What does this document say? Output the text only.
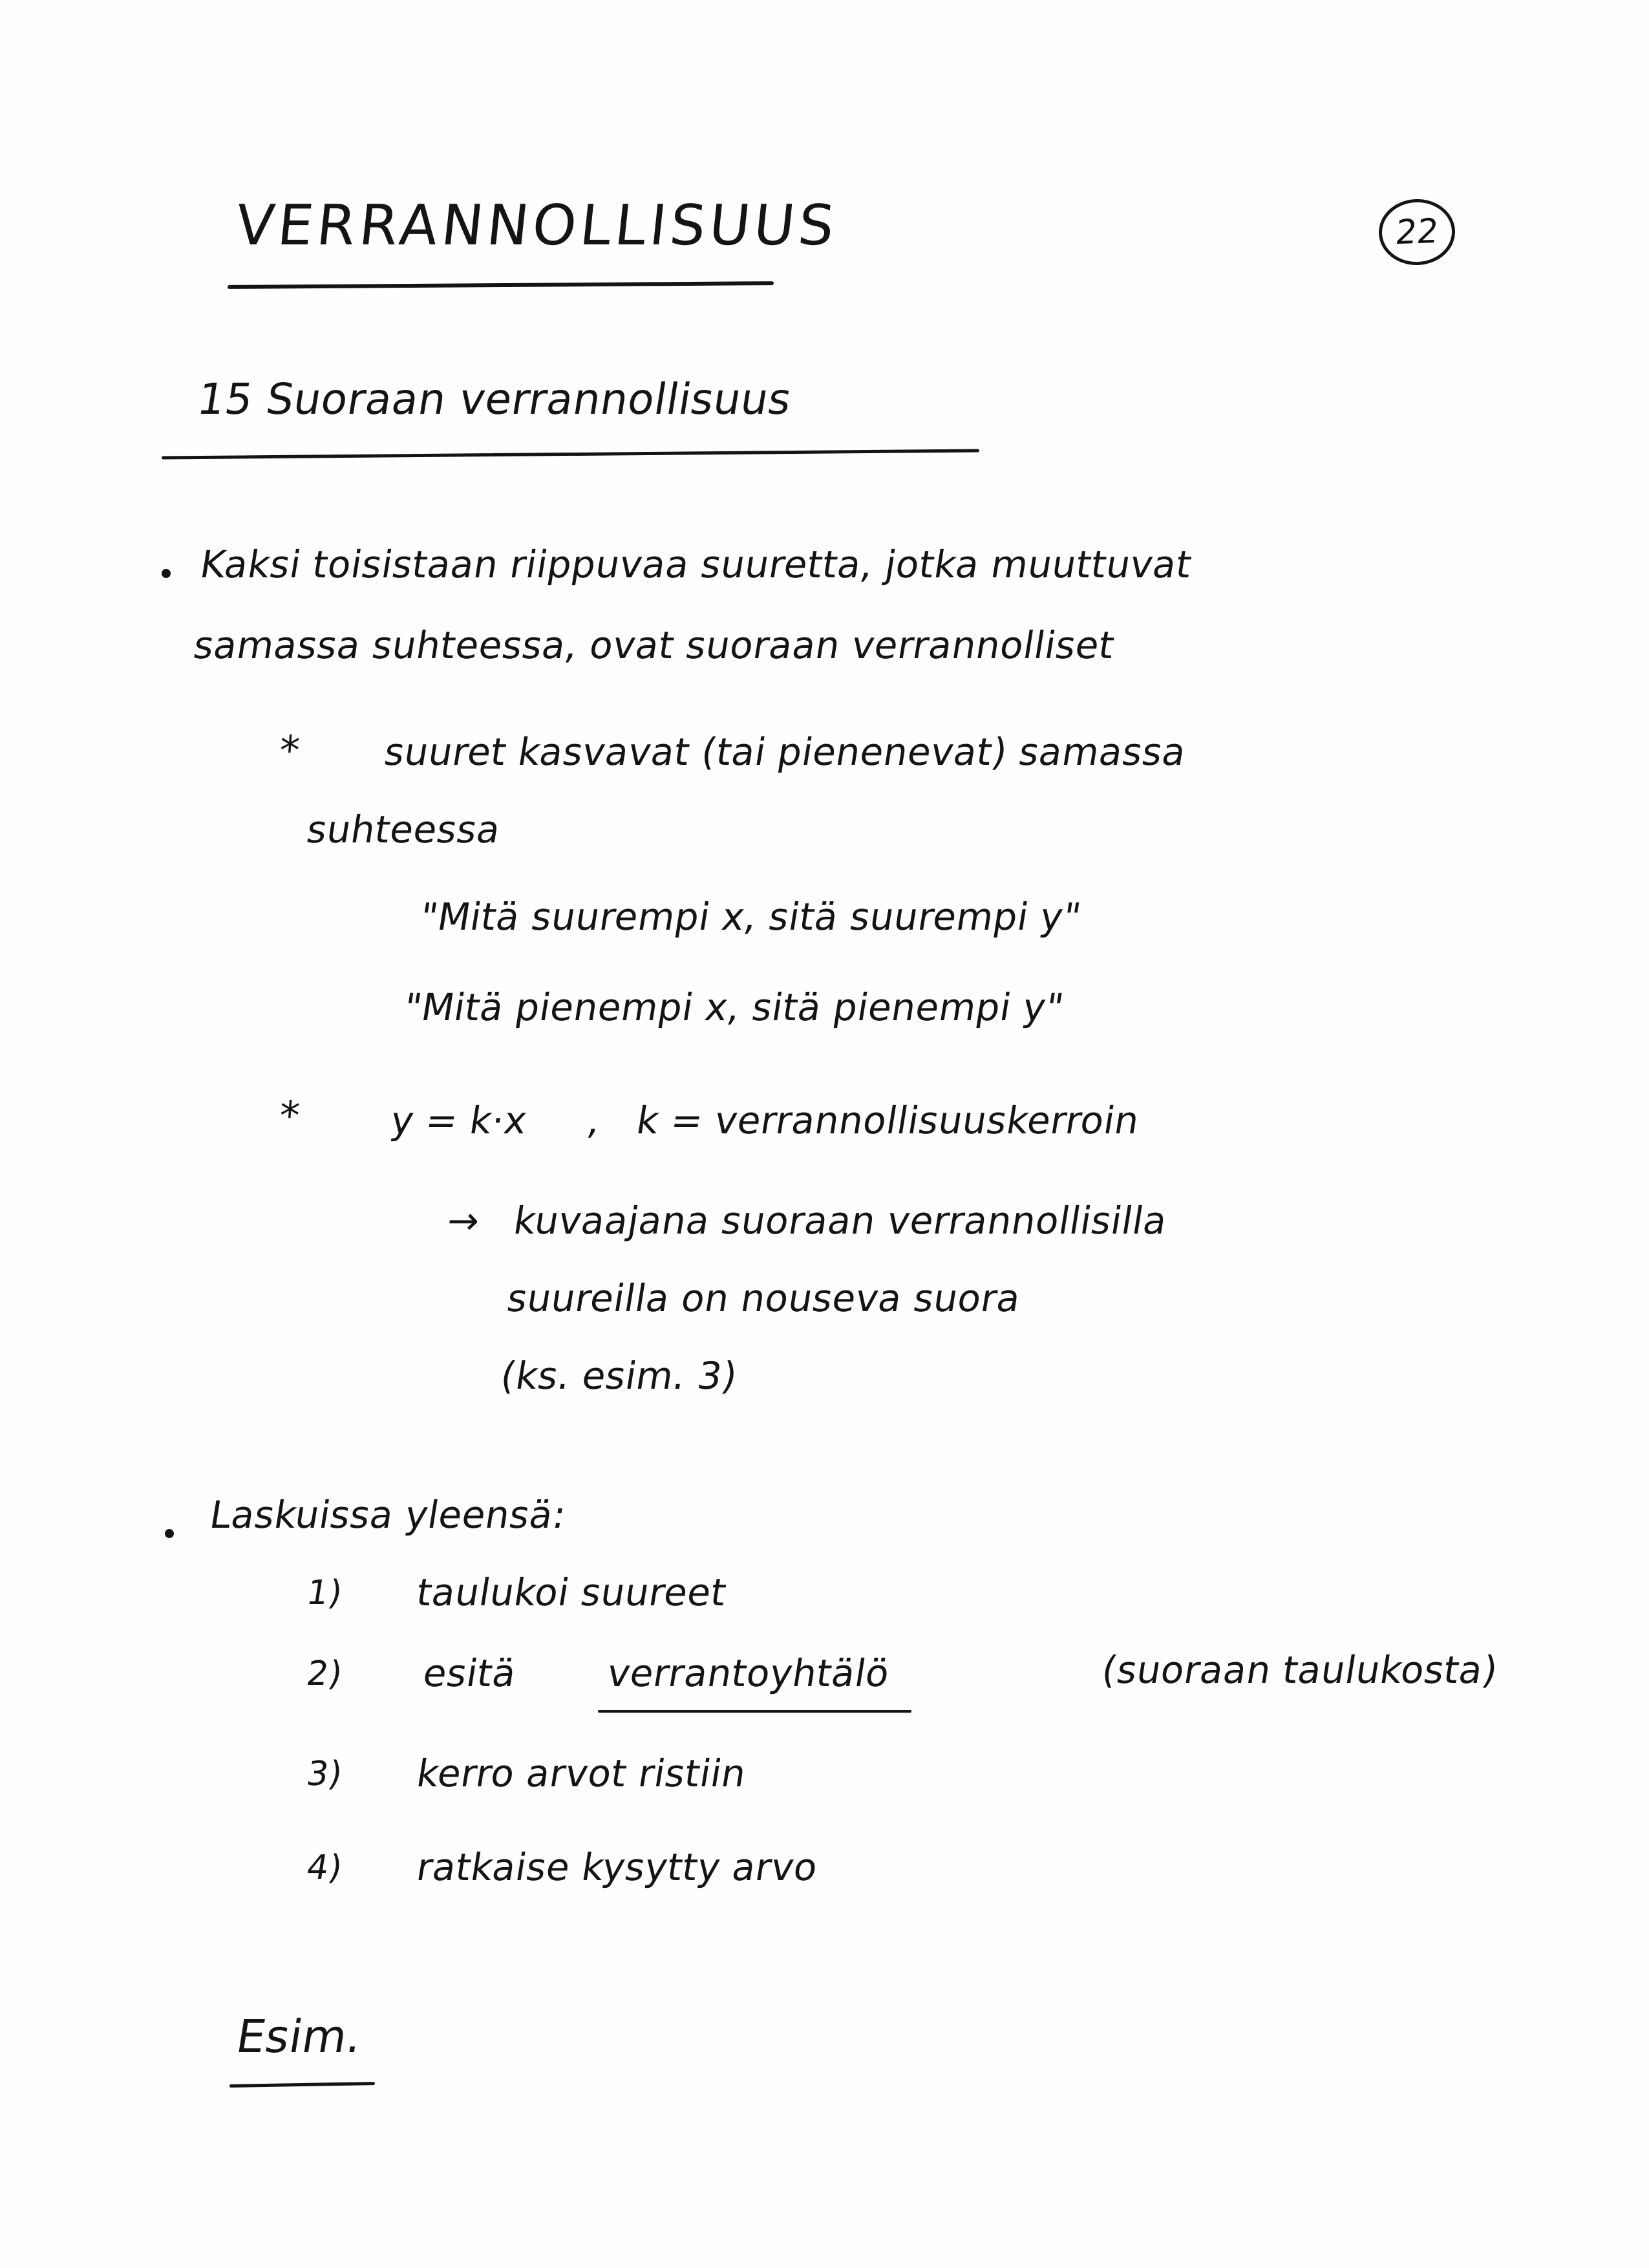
VERRANNOLLISUUS	22
15 Suoraan verrannollisuus
Kaksi toisistaan riippuvaa suuretta, jotka muuttuvat
samassa suhteessa, ovat suoraan verrannolliset
* suuret kasvavat (tai pienenevat) samassa
suhteessa
"Mitä suurempi x, sitä suurempi y"
"Mitä pienempi x, sitä pienempi y"
* y = k·x     ,   k = verrannollisuuskerroin
→ kuvaajana suoraan verrannollisilla
suureilla on nouseva suora
(ks. esim. 3)
Laskuissa yleensä:
1) taulukoi suureet
2) esitä verrantoyhtälö	(suoraan taulukosta)
3) kerro arvot ristiin
4) ratkaise kysytty arvo
Esim.
